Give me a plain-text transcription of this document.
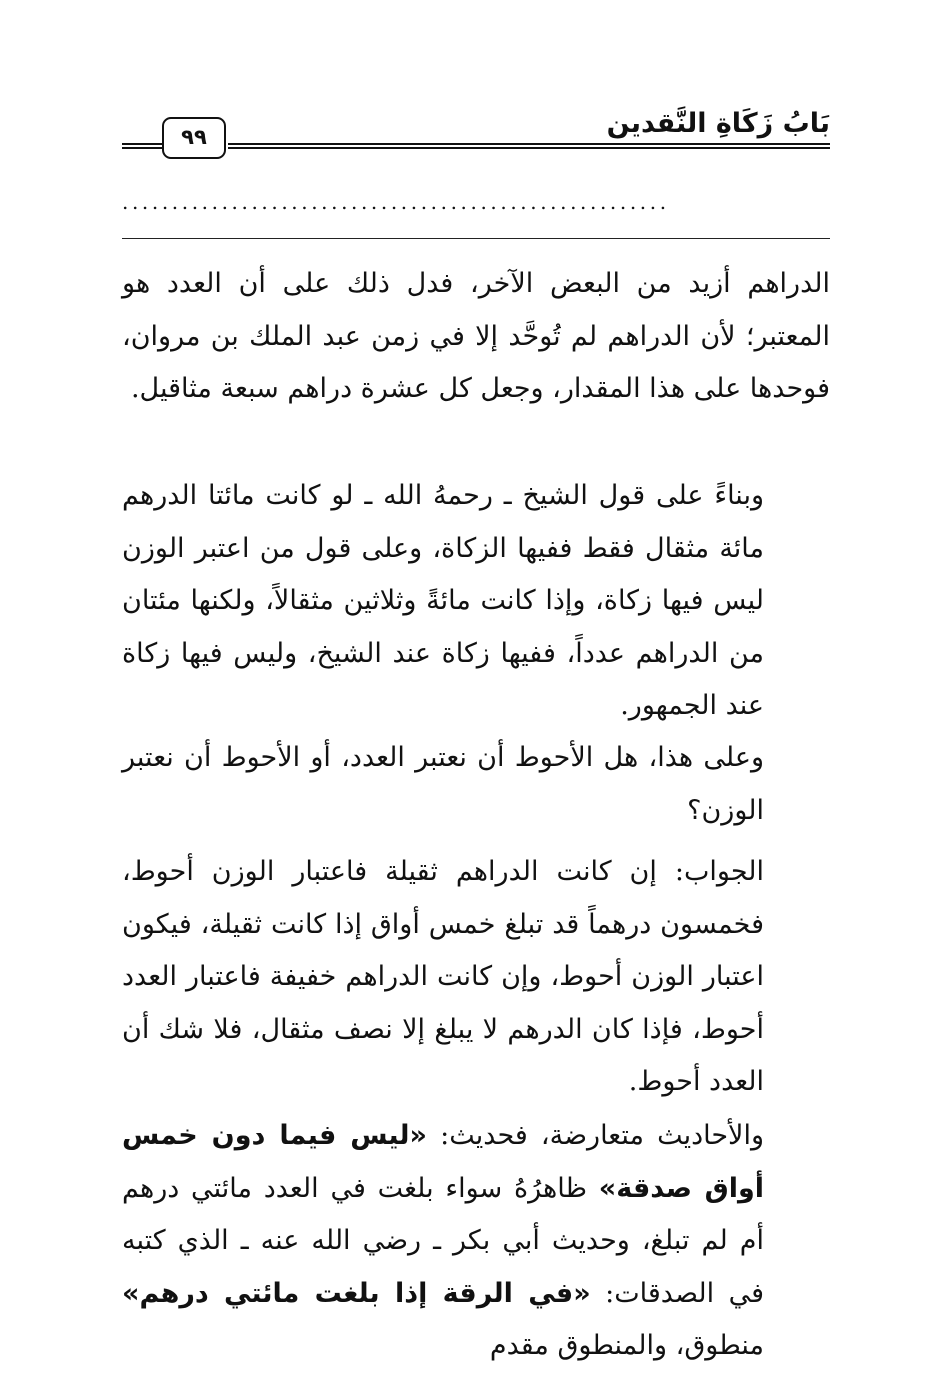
بَابُ زَكَاةِ النَّقدين
٩٩
.......................................................

الدراهم أزيد من البعض الآخر، فدل ذلك على أن العدد هو المعتبر؛ لأن الدراهم لم تُوحَّد إلا في زمن عبد الملك بن مروان، فوحدها على هذا المقدار، وجعل كل عشرة دراهم سبعة مثاقيل.

وبناءً على قول الشيخ ـ رحمهُ الله ـ لو كانت مائتا الدرهم مائة مثقال فقط ففيها الزكاة، وعلى قول من اعتبر الوزن ليس فيها زكاة، وإذا كانت مائةً وثلاثين مثقالاً، ولكنها مئتان من الدراهم عدداً، ففيها زكاة عند الشيخ، وليس فيها زكاة عند الجمهور.

وعلى هذا، هل الأحوط أن نعتبر العدد، أو الأحوط أن نعتبر الوزن؟

الجواب: إن كانت الدراهم ثقيلة فاعتبار الوزن أحوط، فخمسون درهماً قد تبلغ خمس أواق إذا كانت ثقيلة، فيكون اعتبار الوزن أحوط، وإن كانت الدراهم خفيفة فاعتبار العدد أحوط، فإذا كان الدرهم لا يبلغ إلا نصف مثقال، فلا شك أن العدد أحوط.

والأحاديث متعارضة، فحديث: «ليس فيما دون خمس أواق صدقة» ظاهرُهُ سواء بلغت في العدد مائتي درهم أم لم تبلغ، وحديث أبي بكر ـ رضي الله عنه ـ الذي كتبه في الصدقات: «في الرقة إذا بلغت مائتي درهم» منطوق، والمنطوق مقدم
